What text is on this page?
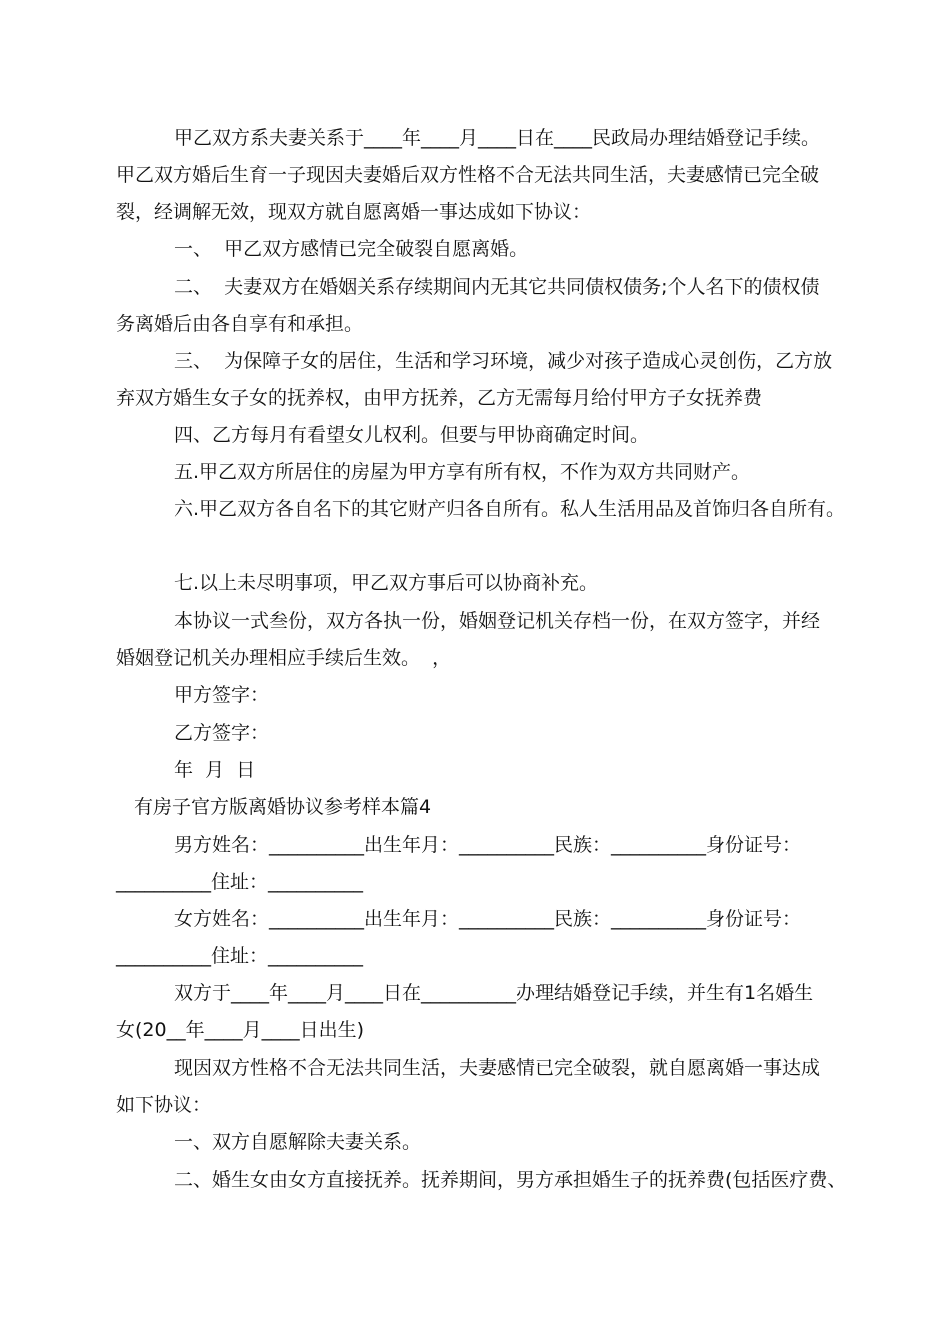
甲乙双方系夫妻关系于____年____月____日在____民政局办理结婚登记手续。

甲乙双方婚后生育一子现因夫妻婚后双方性格不合无法共同生活，夫妻感情已完全破

裂，经调解无效，现双方就自愿离婚一事达成如下协议：

一、  甲乙双方感情已完全破裂自愿离婚。

二、  夫妻双方在婚姻关系存续期间内无其它共同债权债务;个人名下的债权债

务离婚后由各自享有和承担。

三、  为保障子女的居住，生活和学习环境，减少对孩子造成心灵创伤，乙方放

弃双方婚生女子女的抚养权，由甲方抚养，乙方无需每月给付甲方子女抚养费

四、乙方每月有看望女儿权利。但要与甲协商确定时间。

五.甲乙双方所居住的房屋为甲方享有所有权，不作为双方共同财产。

六.甲乙双方各自名下的其它财产归各自所有。私人生活用品及首饰归各自所有。

七.以上未尽明事项，甲乙双方事后可以协商补充。

本协议一式叁份，双方各执一份，婚姻登记机关存档一份，在双方签字，并经

婚姻登记机关办理相应手续后生效。  ，

甲方签字：

乙方签字：

年  月  日

有房子官方版离婚协议参考样本篇4

男方姓名：__________出生年月：__________民族：__________身份证号：

__________住址：__________

女方姓名：__________出生年月：__________民族：__________身份证号：

__________住址：__________

双方于____年____月____日在__________办理结婚登记手续，并生有1名婚生

女(20__年____月____日出生)

现因双方性格不合无法共同生活，夫妻感情已完全破裂，就自愿离婚一事达成

如下协议：

一、双方自愿解除夫妻关系。

二、婚生女由女方直接抚养。抚养期间，男方承担婚生子的抚养费(包括医疗费、
